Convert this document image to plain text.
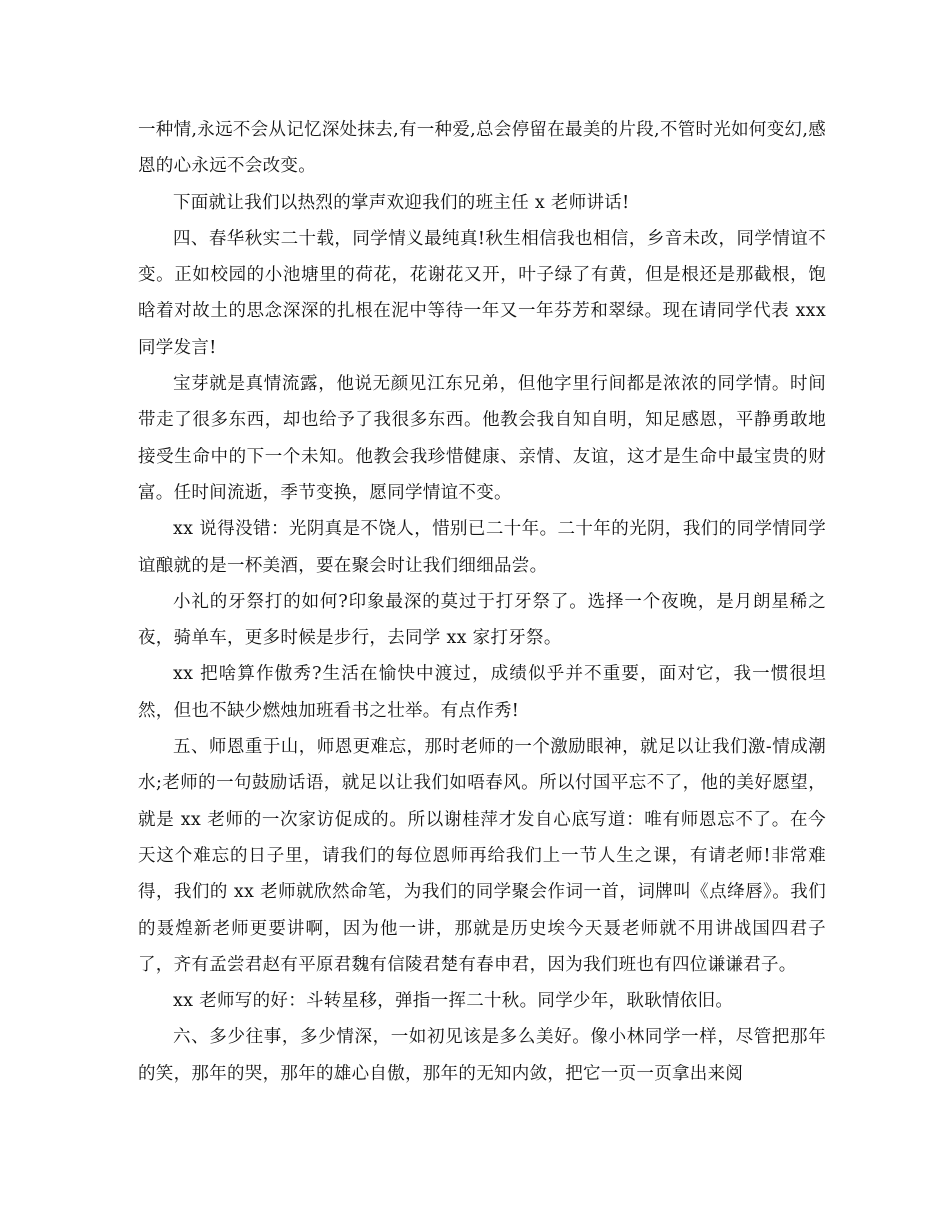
一种情,永远不会从记忆深处抹去,有一种爱,总会停留在最美的片段,不管时光如何变幻,感恩的心永远不会改变。

下面就让我们以热烈的掌声欢迎我们的班主任 x 老师讲话!

四、春华秋实二十载，同学情义最纯真!秋生相信我也相信，乡音未改，同学情谊不变。正如校园的小池塘里的荷花，花谢花又开，叶子绿了有黄，但是根还是那截根，饱晗着对故土的思念深深的扎根在泥中等待一年又一年芬芳和翠绿。现在请同学代表 xxx 同学发言!

宝芽就是真情流露，他说无颜见江东兄弟，但他字里行间都是浓浓的同学情。时间带走了很多东西，却也给予了我很多东西。他教会我自知自明，知足感恩，平静勇敢地接受生命中的下一个未知。他教会我珍惜健康、亲情、友谊，这才是生命中最宝贵的财富。任时间流逝，季节变换，愿同学情谊不变。

xx 说得没错：光阴真是不饶人，惜别已二十年。二十年的光阴，我们的同学情同学谊酿就的是一杯美酒，要在聚会时让我们细细品尝。

小礼的牙祭打的如何?印象最深的莫过于打牙祭了。选择一个夜晚，是月朗星稀之夜，骑单车，更多时候是步行，去同学 xx 家打牙祭。

xx 把啥算作傲秀?生活在愉快中渡过，成绩似乎并不重要，面对它，我一惯很坦然，但也不缺少燃烛加班看书之壮举。有点作秀!

五、师恩重于山，师恩更难忘，那时老师的一个激励眼神，就足以让我们激-情成潮水;老师的一句鼓励话语，就足以让我们如唔春风。所以付国平忘不了，他的美好愿望，就是 xx 老师的一次家访促成的。所以谢桂萍才发自心底写道：唯有师恩忘不了。在今天这个难忘的日子里，请我们的每位恩师再给我们上一节人生之课，有请老师!非常难得，我们的 xx 老师就欣然命笔，为我们的同学聚会作词一首，词牌叫《点绛唇》。我们的聂煌新老师更要讲啊，因为他一讲，那就是历史埃今天聂老师就不用讲战国四君子了，齐有孟尝君赵有平原君魏有信陵君楚有春申君，因为我们班也有四位谦谦君子。

xx 老师写的好：斗转星移，弹指一挥二十秋。同学少年，耿耿情依旧。

六、多少往事，多少情深，一如初见该是多么美好。像小林同学一样，尽管把那年的笑，那年的哭，那年的雄心自傲，那年的无知内敛，把它一页一页拿出来阅
